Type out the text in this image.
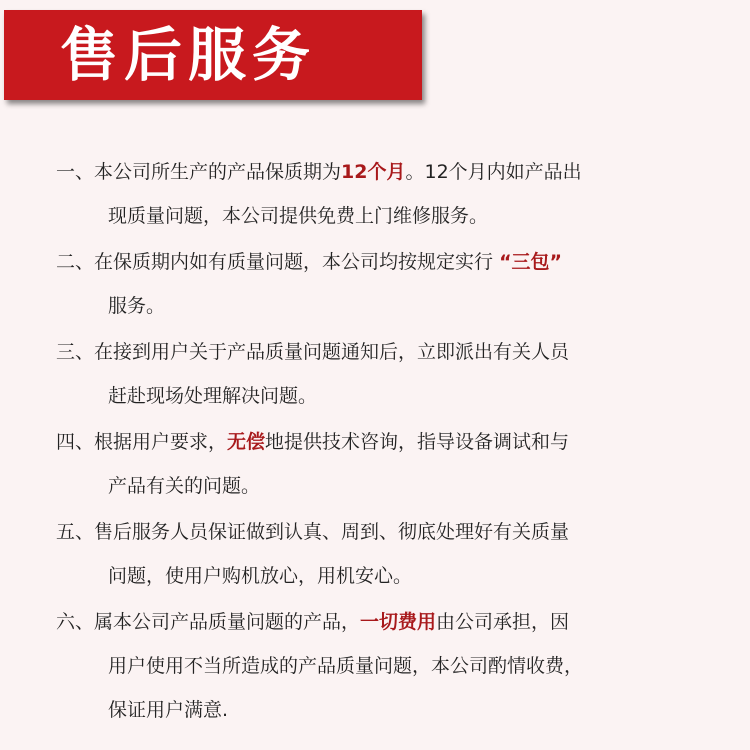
售后服务
一、本公司所生产的产品保质期为12个月。12个月内如产品出
现质量问题，本公司提供免费上门维修服务。
二、在保质期内如有质量问题，本公司均按规定实行 “三包”
服务。
三、在接到用户关于产品质量问题通知后，立即派出有关人员
赶赴现场处理解决问题。
四、根据用户要求，无偿地提供技术咨询，指导设备调试和与
产品有关的问题。
五、售后服务人员保证做到认真、周到、彻底处理好有关质量
问题，使用户购机放心，用机安心。
六、属本公司产品质量问题的产品，一切费用由公司承担，因
用户使用不当所造成的产品质量问题，本公司酌情收费，
保证用户满意.
